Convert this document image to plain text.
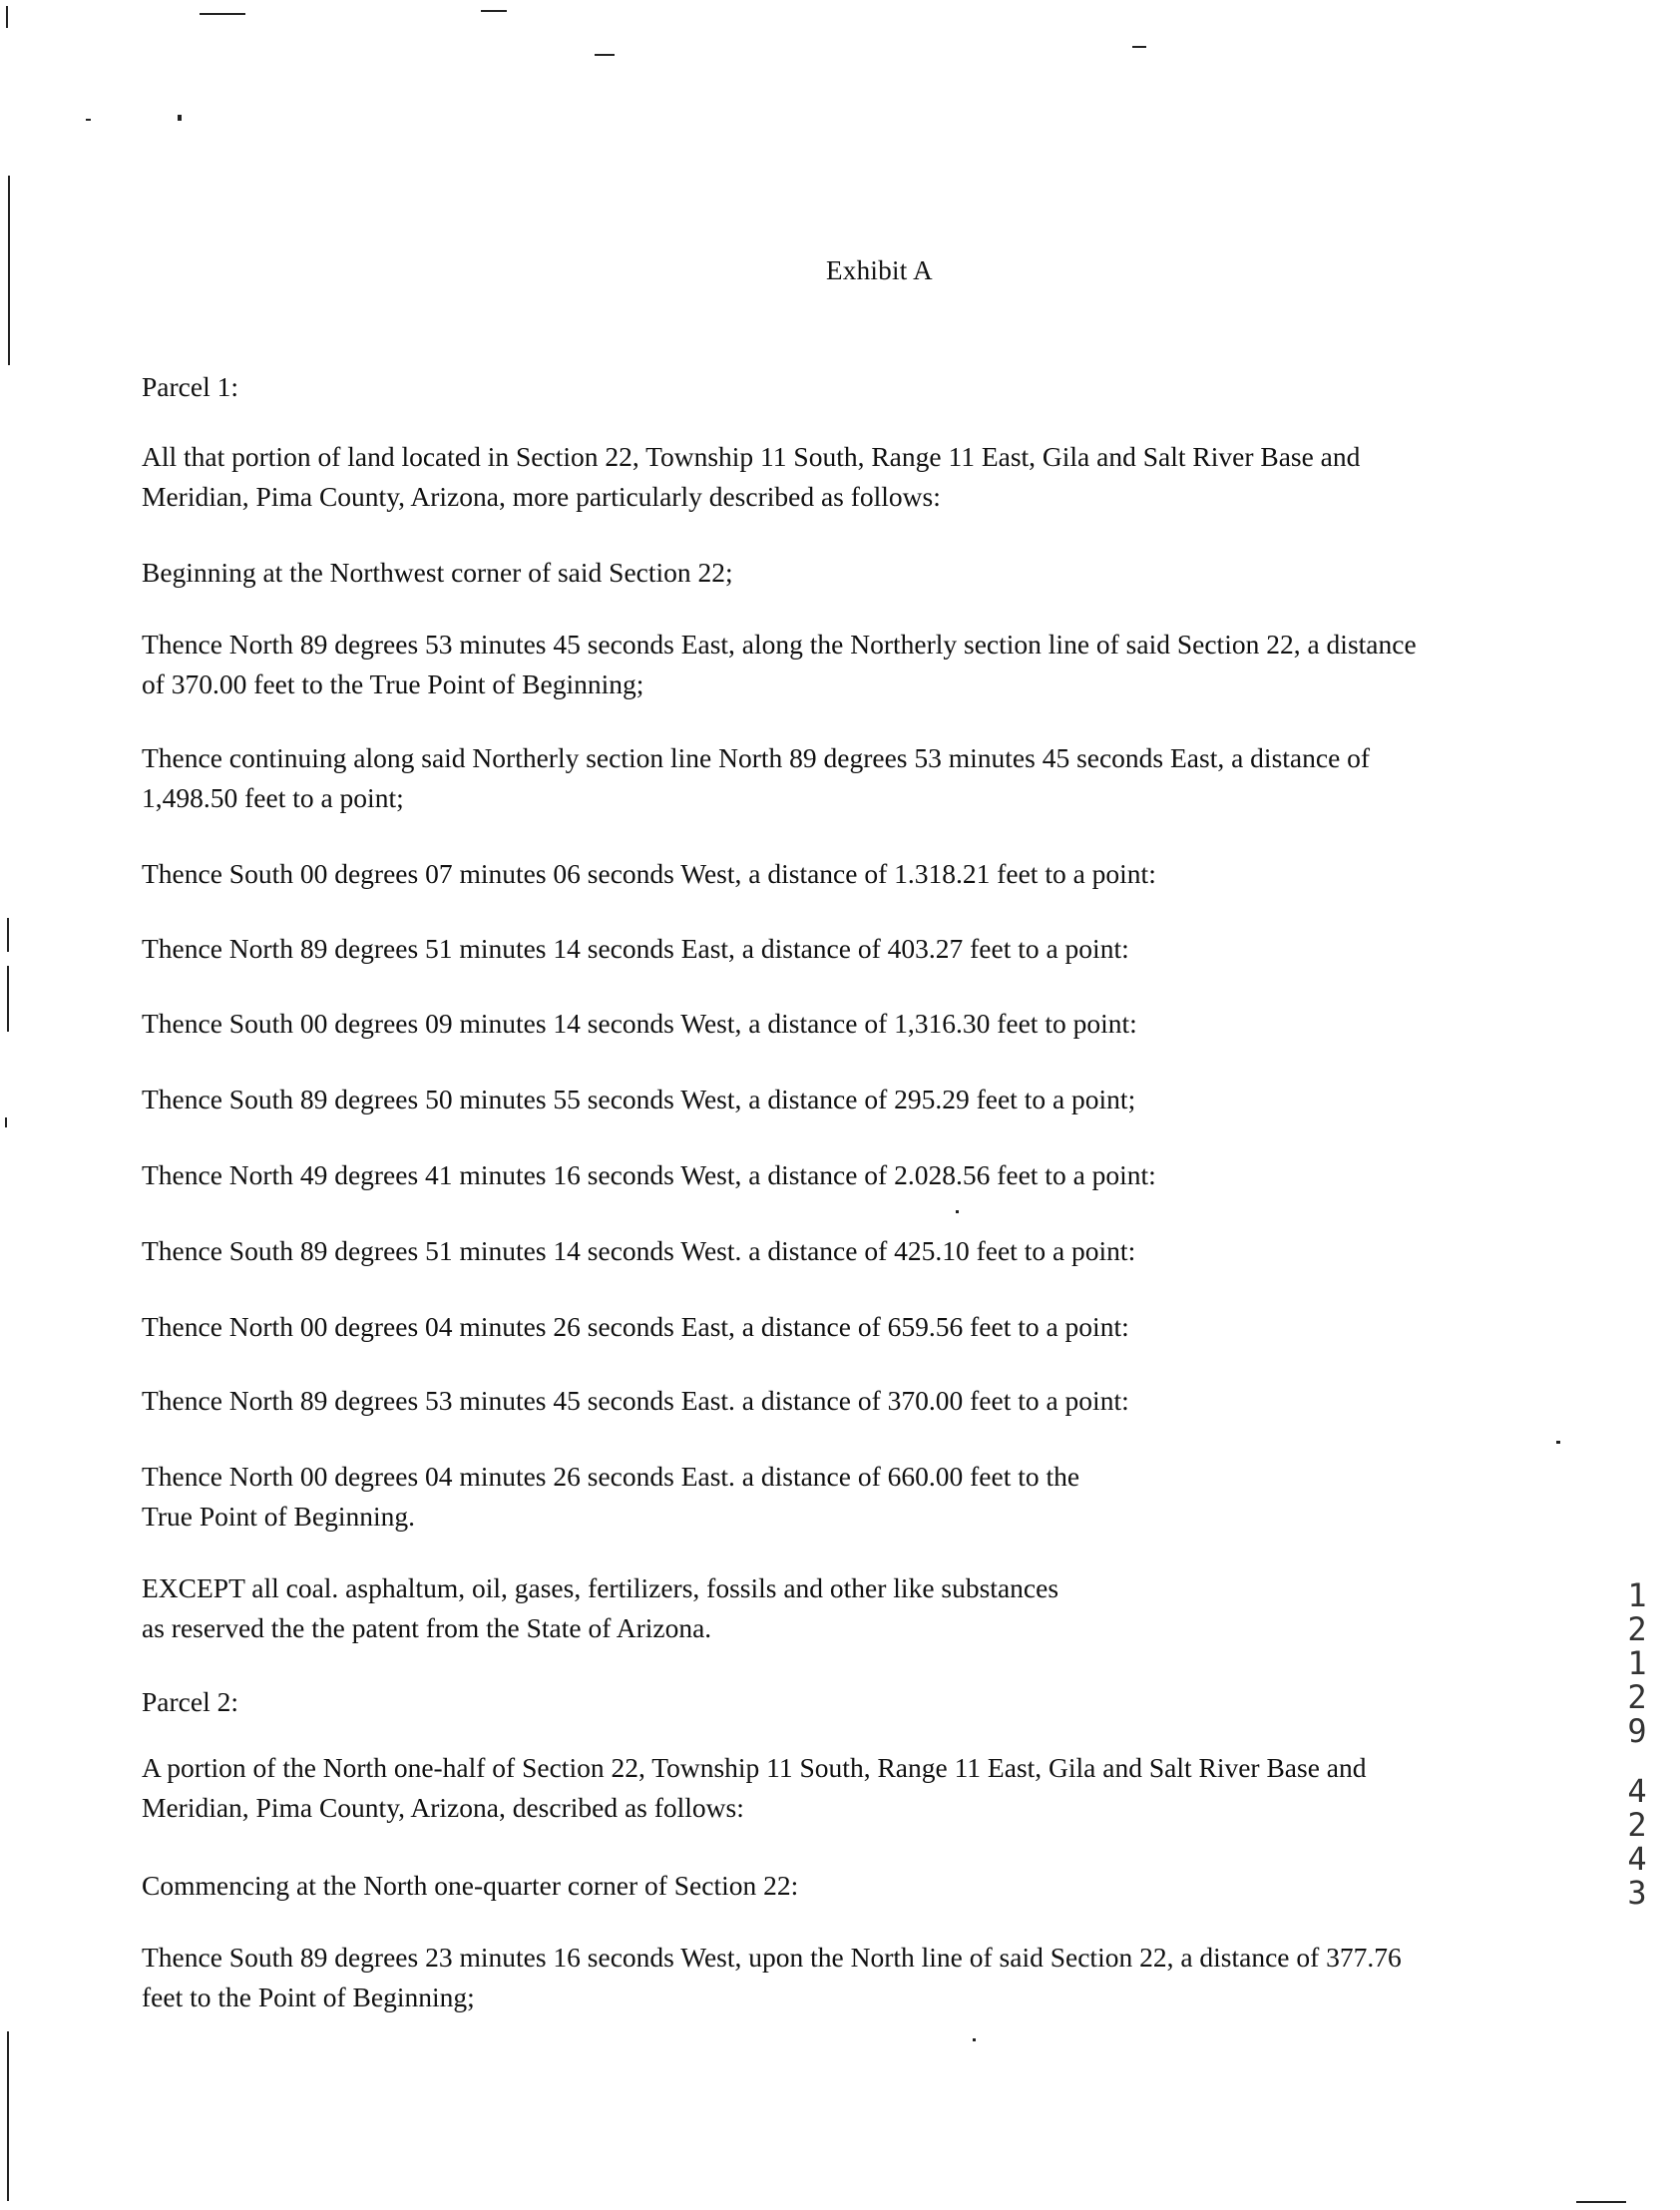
Exhibit A
Parcel 1:
All that portion of land located in Section 22, Township 11 South, Range 11 East, Gila and Salt River Base and
Meridian, Pima County, Arizona, more particularly described as follows:
Beginning at the Northwest corner of said Section 22;
Thence North 89 degrees 53 minutes 45 seconds East, along the Northerly section line of said Section 22, a distance
of 370.00 feet to the True Point of Beginning;
Thence continuing along said Northerly section line North 89 degrees 53 minutes 45 seconds East, a distance of
1,498.50 feet to a point;
Thence South 00 degrees 07 minutes 06 seconds West, a distance of 1.318.21 feet to a point:
Thence North 89 degrees 51 minutes 14 seconds East, a distance of 403.27 feet to a point:
Thence South 00 degrees 09 minutes 14 seconds West, a distance of 1,316.30 feet to point:
Thence South 89 degrees 50 minutes 55 seconds West, a distance of 295.29 feet to a point;
Thence North 49 degrees 41 minutes 16 seconds West, a distance of 2.028.56 feet to a point:
Thence South 89 degrees 51 minutes 14 seconds West. a distance of 425.10 feet to a point:
Thence North 00 degrees 04 minutes 26 seconds East, a distance of 659.56 feet to a point:
Thence North 89 degrees 53 minutes 45 seconds East. a distance of 370.00 feet to a point:
Thence North 00 degrees 04 minutes 26 seconds East. a distance of 660.00 feet to the
True Point of Beginning.
EXCEPT all coal. asphaltum, oil, gases, fertilizers, fossils and other like substances
as reserved the the patent from the State of Arizona.
Parcel 2:
A portion of the North one-half of Section 22, Township 11 South, Range 11 East, Gila and Salt River Base and
Meridian, Pima County, Arizona, described as follows:
Commencing at the North one-quarter corner of Section 22:
Thence South 89 degrees 23 minutes 16 seconds West, upon the North line of said Section 22, a distance of 377.76
feet to the Point of Beginning;
1
2
1
2
9
4
2
4
3
